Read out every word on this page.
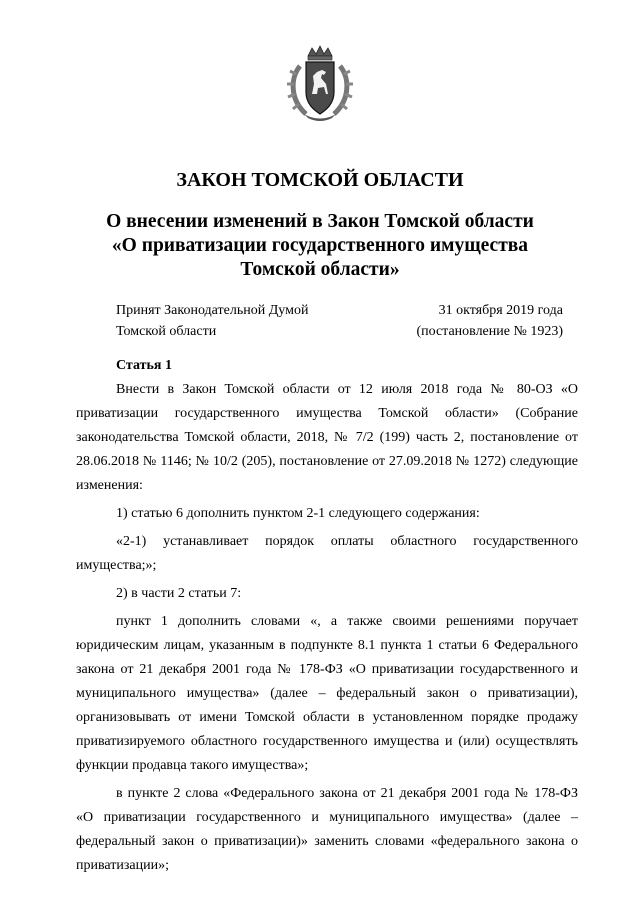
ЗАКОН ТОМСКОЙ ОБЛАСТИ
О внесении изменений в Закон Томской области
«О приватизации государственного имущества
Томской области»
Принят Законодательной Думой
Томской области
31 октября 2019 года
(постановление № 1923)
Статья 1

Внести в Закон Томской области от 12 июля 2018 года № 80-ОЗ «О приватизации государственного имущества Томской области» (Собрание законодательства Томской области, 2018, № 7/2 (199) часть 2, постановление от 28.06.2018 № 1146; № 10/2 (205), постановление от 27.09.2018 № 1272) следующие изменения:

1) статью 6 дополнить пунктом 2-1 следующего содержания:

«2-1) устанавливает порядок оплаты областного государственного имущества;»;

2) в части 2 статьи 7:

пункт 1 дополнить словами «, а также своими решениями поручает юридическим лицам, указанным в подпункте 8.1 пункта 1 статьи 6 Федерального закона от 21 декабря 2001 года № 178-ФЗ «О приватизации государственного и муниципального имущества» (далее – федеральный закон о приватизации), организовывать от имени Томской области в установленном порядке продажу приватизируемого областного государственного имущества и (или) осуществлять функции продавца такого имущества»;

в пункте 2 слова «Федерального закона от 21 декабря 2001 года № 178-ФЗ «О приватизации государственного и муниципального имущества» (далее – федеральный закон о приватизации)» заменить словами «федерального закона о приватизации»;
